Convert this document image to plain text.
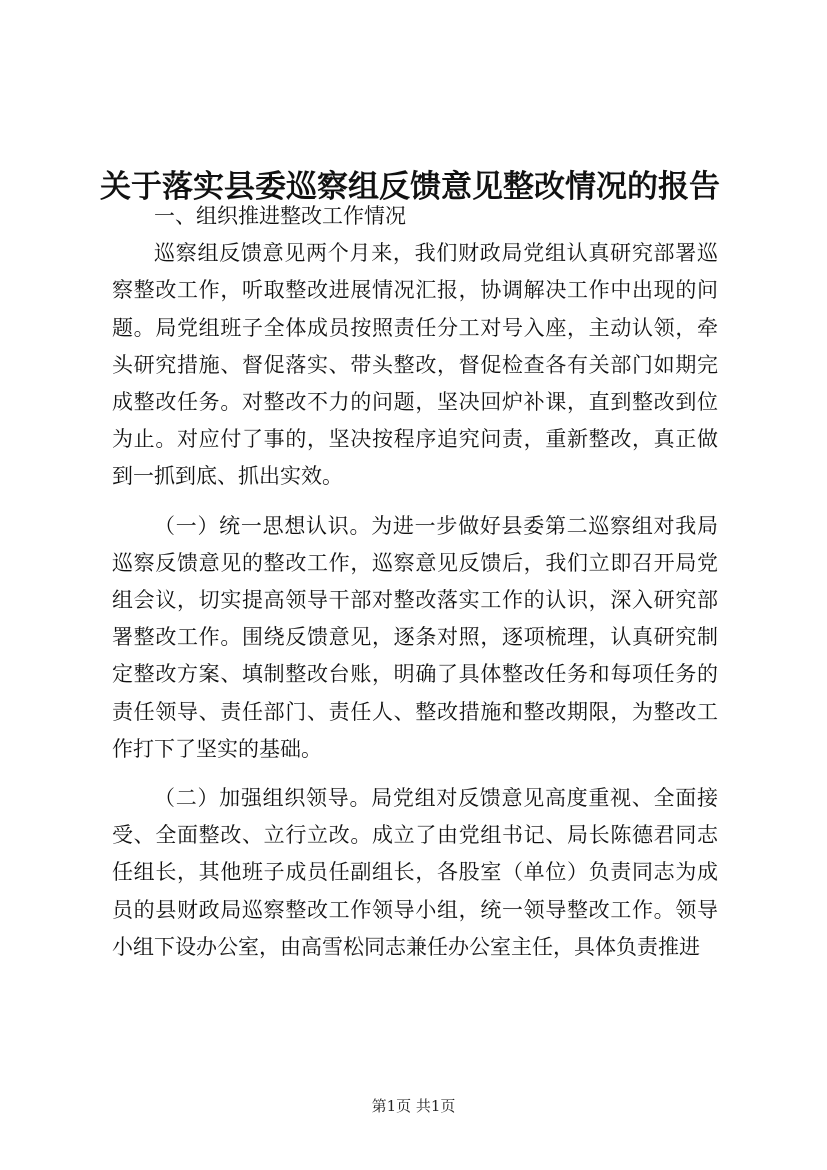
关于落实县委巡察组反馈意见整改情况的报告

一、组织推进整改工作情况

巡察组反馈意见两个月来，我们财政局党组认真研究部署巡察整改工作，听取整改进展情况汇报，协调解决工作中出现的问题。局党组班子全体成员按照责任分工对号入座，主动认领，牵头研究措施、督促落实、带头整改，督促检查各有关部门如期完成整改任务。对整改不力的问题，坚决回炉补课，直到整改到位为止。对应付了事的，坚决按程序追究问责，重新整改，真正做到一抓到底、抓出实效。

（一）统一思想认识。为进一步做好县委第二巡察组对我局巡察反馈意见的整改工作，巡察意见反馈后，我们立即召开局党组会议，切实提高领导干部对整改落实工作的认识，深入研究部署整改工作。围绕反馈意见，逐条对照，逐项梳理，认真研究制定整改方案、填制整改台账，明确了具体整改任务和每项任务的责任领导、责任部门、责任人、整改措施和整改期限，为整改工作打下了坚实的基础。

（二）加强组织领导。局党组对反馈意见高度重视、全面接受、全面整改、立行立改。成立了由党组书记、局长陈德君同志任组长，其他班子成员任副组长，各股室（单位）负责同志为成员的县财政局巡察整改工作领导小组，统一领导整改工作。领导小组下设办公室，由高雪松同志兼任办公室主任，具体负责推进

第1页 共1页
